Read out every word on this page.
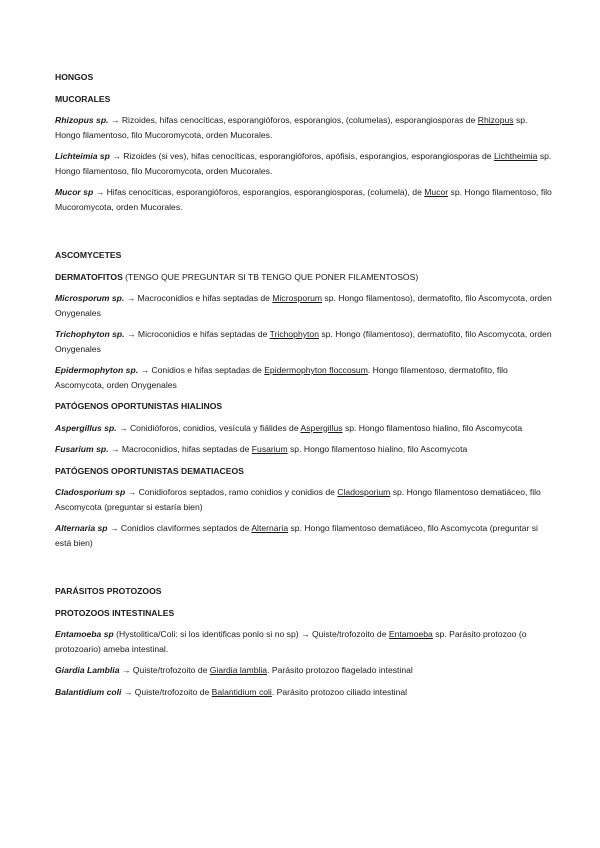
HONGOS

MUCORALES

Rhizopus sp. → Rizoides, hifas cenocíticas, esporangióforos, esporangios, (columelas), esporangiosporas de Rhizopus sp. Hongo filamentoso, filo Mucoromycota, orden Mucorales.

Lichteimia sp → Rizoides (si ves), hifas cenocíticas, esporangióforos, apófisis, esporangios, esporangiosporas de Lichtheimia sp. Hongo filamentoso, filo Mucoromycota, orden Mucorales.

Mucor sp → Hifas cenocíticas, esporangióforos, esporangios, esporangiosporas, (columela), de Mucor sp. Hongo filamentoso, filo Mucoromycota, orden Mucorales.

ASCOMYCETES

DERMATOFITOS (TENGO QUE PREGUNTAR SI TB TENGO QUE PONER FILAMENTOSOS)

Microsporum sp. → Macroconidios e hifas septadas de Microsporum sp. Hongo filamentoso), dermatofito, filo Ascomycota, orden Onygenales

Trichophyton sp. → Microconidios e hifas septadas de Trichophyton sp. Hongo (filamentoso), dermatofito, filo Ascomycota, orden Onygenales

Epidermophyton sp. → Conidios e hifas septadas de Epidermophyton floccosum. Hongo filamentoso, dermatofito, filo Ascomycota, orden Onygenales

PATÓGENOS OPORTUNISTAS HIALINOS

Aspergillus sp. → Conidióforos, conidios, vesícula y fiálides de Aspergillus sp. Hongo filamentoso hialino, filo Ascomycota

Fusarium sp. → Macroconidios, hifas septadas de Fusarium sp. Hongo filamentoso hialino, filo Ascomycota

PATÓGENOS OPORTUNISTAS DEMATIACEOS

Cladosporium sp → Conidioforos septados, ramo conidios y conidios de Cladosporium sp. Hongo filamentoso dematiáceo, filo Ascomycota (preguntar si estaría bien)

Alternaria sp → Conidios claviformes septados de Alternaria sp. Hongo filamentoso dematiáceo, filo Ascomycota (preguntar si está bien)

PARÁSITOS PROTOZOOS

PROTOZOOS INTESTINALES

Entamoeba sp (Hystolitica/Coli: si los identificas ponlo si no sp) → Quiste/trofozoito de Entamoeba sp. Parásito protozoo (o protozoario) ameba intestinal.

Giardia Lamblia → Quiste/trofozoito de Giardia lamblia. Parásito protozoo flagelado intestinal

Balantidium coli → Quiste/trofozoito de Balantidium coli. Parásito protozoo ciliado intestinal
